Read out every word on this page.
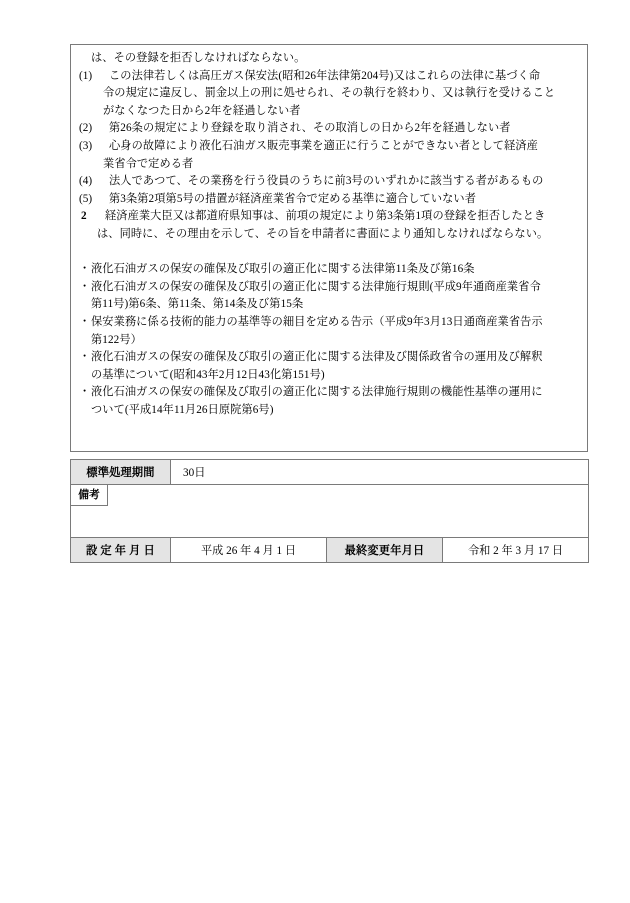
は、その登録を拒否しなければならない。
(1)	この法律若しくは高圧ガス保安法(昭和26年法律第204号)又はこれらの法律に基づく命
令の規定に違反し、罰金以上の刑に処せられ、その執行を終わり、又は執行を受けること
がなくなつた日から2年を経過しない者
(2)	第26条の規定により登録を取り消され、その取消しの日から2年を経過しない者
(3)	心身の故障により液化石油ガス販売事業を適正に行うことができない者として経済産
業省令で定める者
(4)	法人であつて、その業務を行う役員のうちに前3号のいずれかに該当する者があるもの
(5)	第3条第2項第5号の措置が経済産業省令で定める基準に適合していない者
2	経済産業大臣又は都道府県知事は、前項の規定により第3条第1項の登録を拒否したとき
は、同時に、その理由を示して、その旨を申請者に書面により通知しなければならない。
・ 液化石油ガスの保安の確保及び取引の適正化に関する法律第11条及び第16条
・ 液化石油ガスの保安の確保及び取引の適正化に関する法律施行規則(平成9年通商産業省令
第11号)第6条、第11条、第14条及び第15条
・ 保安業務に係る技術的能力の基準等の細目を定める告示（平成9年3月13日通商産業省告示
第122号）
・ 液化石油ガスの保安の確保及び取引の適正化に関する法律及び関係政省令の運用及び解釈
の基準について(昭和43年2月12日43化第151号)
・ 液化石油ガスの保安の確保及び取引の適正化に関する法律施行規則の機能性基準の運用に
ついて(平成14年11月26日原院第6号)
標準処理期間	30日		

備考			

設 定 年 月 日	平成 26 年 4 月 1 日	最終変更年月日	令和 2 年 3 月 17 日
